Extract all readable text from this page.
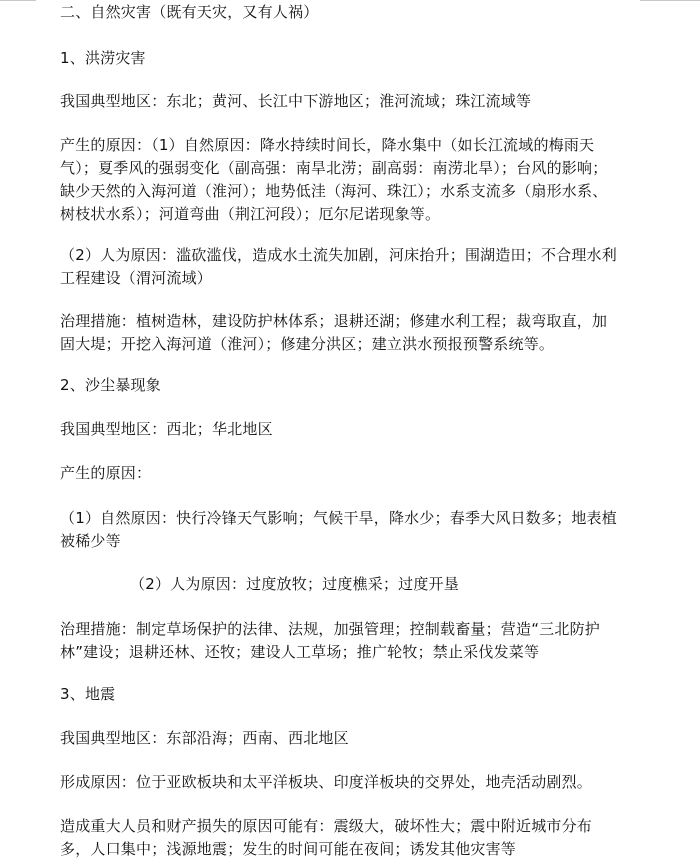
二、自然灾害（既有天灾，又有人祸）

1、洪涝灾害

我国典型地区：东北；黄河、长江中下游地区；淮河流域；珠江流域等

产生的原因：（1）自然原因：降水持续时间长，降水集中（如长江流域的梅雨天气）；夏季风的强弱变化（副高强：南旱北涝；副高弱：南涝北旱）；台风的影响；缺少天然的入海河道（淮河）；地势低洼（海河、珠江）；水系支流多（扇形水系、树枝状水系）；河道弯曲（荆江河段）；厄尔尼诺现象等。

（2）人为原因：滥砍滥伐，造成水土流失加剧，河床抬升；围湖造田；不合理水利工程建设（渭河流域）

治理措施：植树造林，建设防护林体系；退耕还湖；修建水利工程；裁弯取直，加固大堤；开挖入海河道（淮河）；修建分洪区；建立洪水预报预警系统等。

2、沙尘暴现象

我国典型地区：西北；华北地区

产生的原因：

（1）自然原因：快行冷锋天气影响；气候干旱，降水少；春季大风日数多；地表植被稀少等

（2）人为原因：过度放牧；过度樵采；过度开垦

治理措施：制定草场保护的法律、法规，加强管理；控制载畜量；营造“三北防护林”建设；退耕还林、还牧；建设人工草场；推广轮牧；禁止采伐发菜等

3、地震

我国典型地区：东部沿海；西南、西北地区

形成原因：位于亚欧板块和太平洋板块、印度洋板块的交界处，地壳活动剧烈。

造成重大人员和财产损失的原因可能有：震级大，破坏性大；震中附近城市分布多，人口集中；浅源地震；发生的时间可能在夜间；诱发其他灾害等
